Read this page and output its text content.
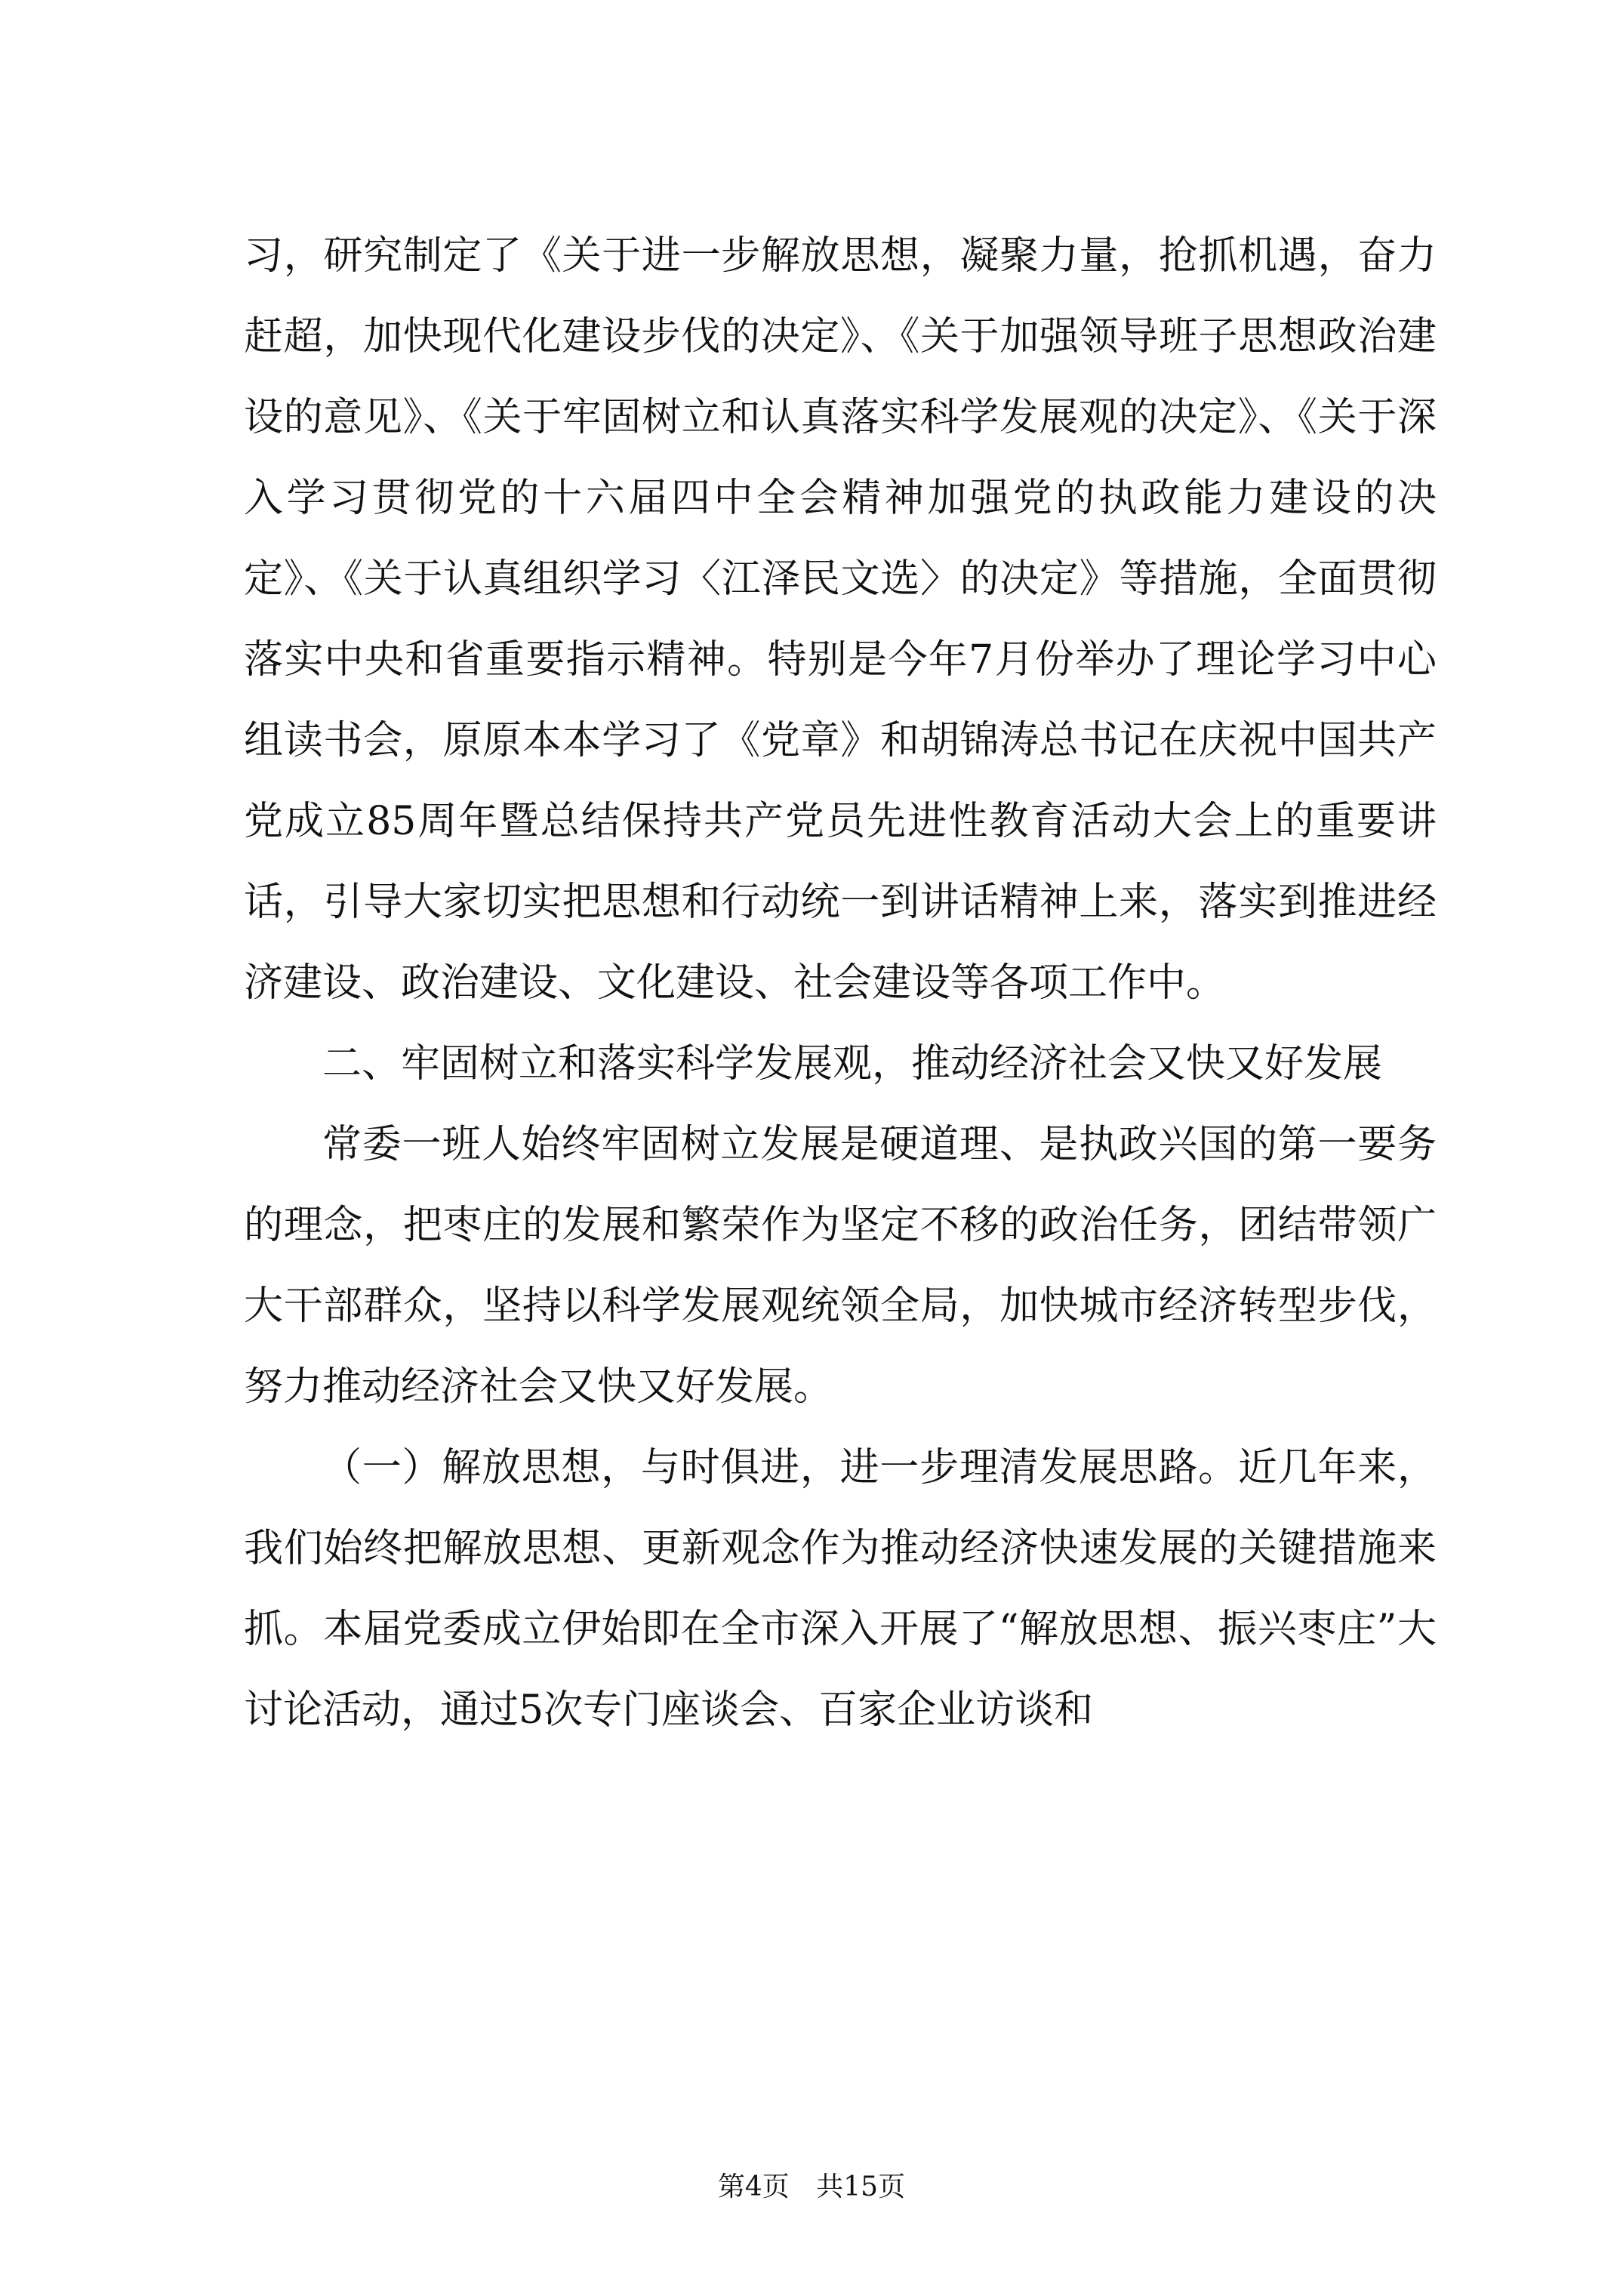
习，研究制定了《关于进一步解放思想，凝聚力量，抢抓机遇，奋力赶超，加快现代化建设步伐的决定》、《关于加强领导班子思想政治建设的意见》、《关于牢固树立和认真落实科学发展观的决定》、《关于深入学习贯彻党的十六届四中全会精神加强党的执政能力建设的决定》、《关于认真组织学习〈江泽民文选〉的决定》等措施，全面贯彻落实中央和省重要指示精神。特别是今年7月份举办了理论学习中心组读书会，原原本本学习了《党章》和胡锦涛总书记在庆祝中国共产党成立85周年暨总结保持共产党员先进性教育活动大会上的重要讲话，引导大家切实把思想和行动统一到讲话精神上来，落实到推进经济建设、政治建设、文化建设、社会建设等各项工作中。

二、牢固树立和落实科学发展观，推动经济社会又快又好发展

常委一班人始终牢固树立发展是硬道理、是执政兴国的第一要务的理念，把枣庄的发展和繁荣作为坚定不移的政治任务，团结带领广大干部群众，坚持以科学发展观统领全局，加快城市经济转型步伐，努力推动经济社会又快又好发展。

（一）解放思想，与时俱进，进一步理清发展思路。近几年来，我们始终把解放思想、更新观念作为推动经济快速发展的关键措施来抓。本届党委成立伊始即在全市深入开展了“解放思想、振兴枣庄”大讨论活动，通过5次专门座谈会、百家企业访谈和

第4页 共15页
